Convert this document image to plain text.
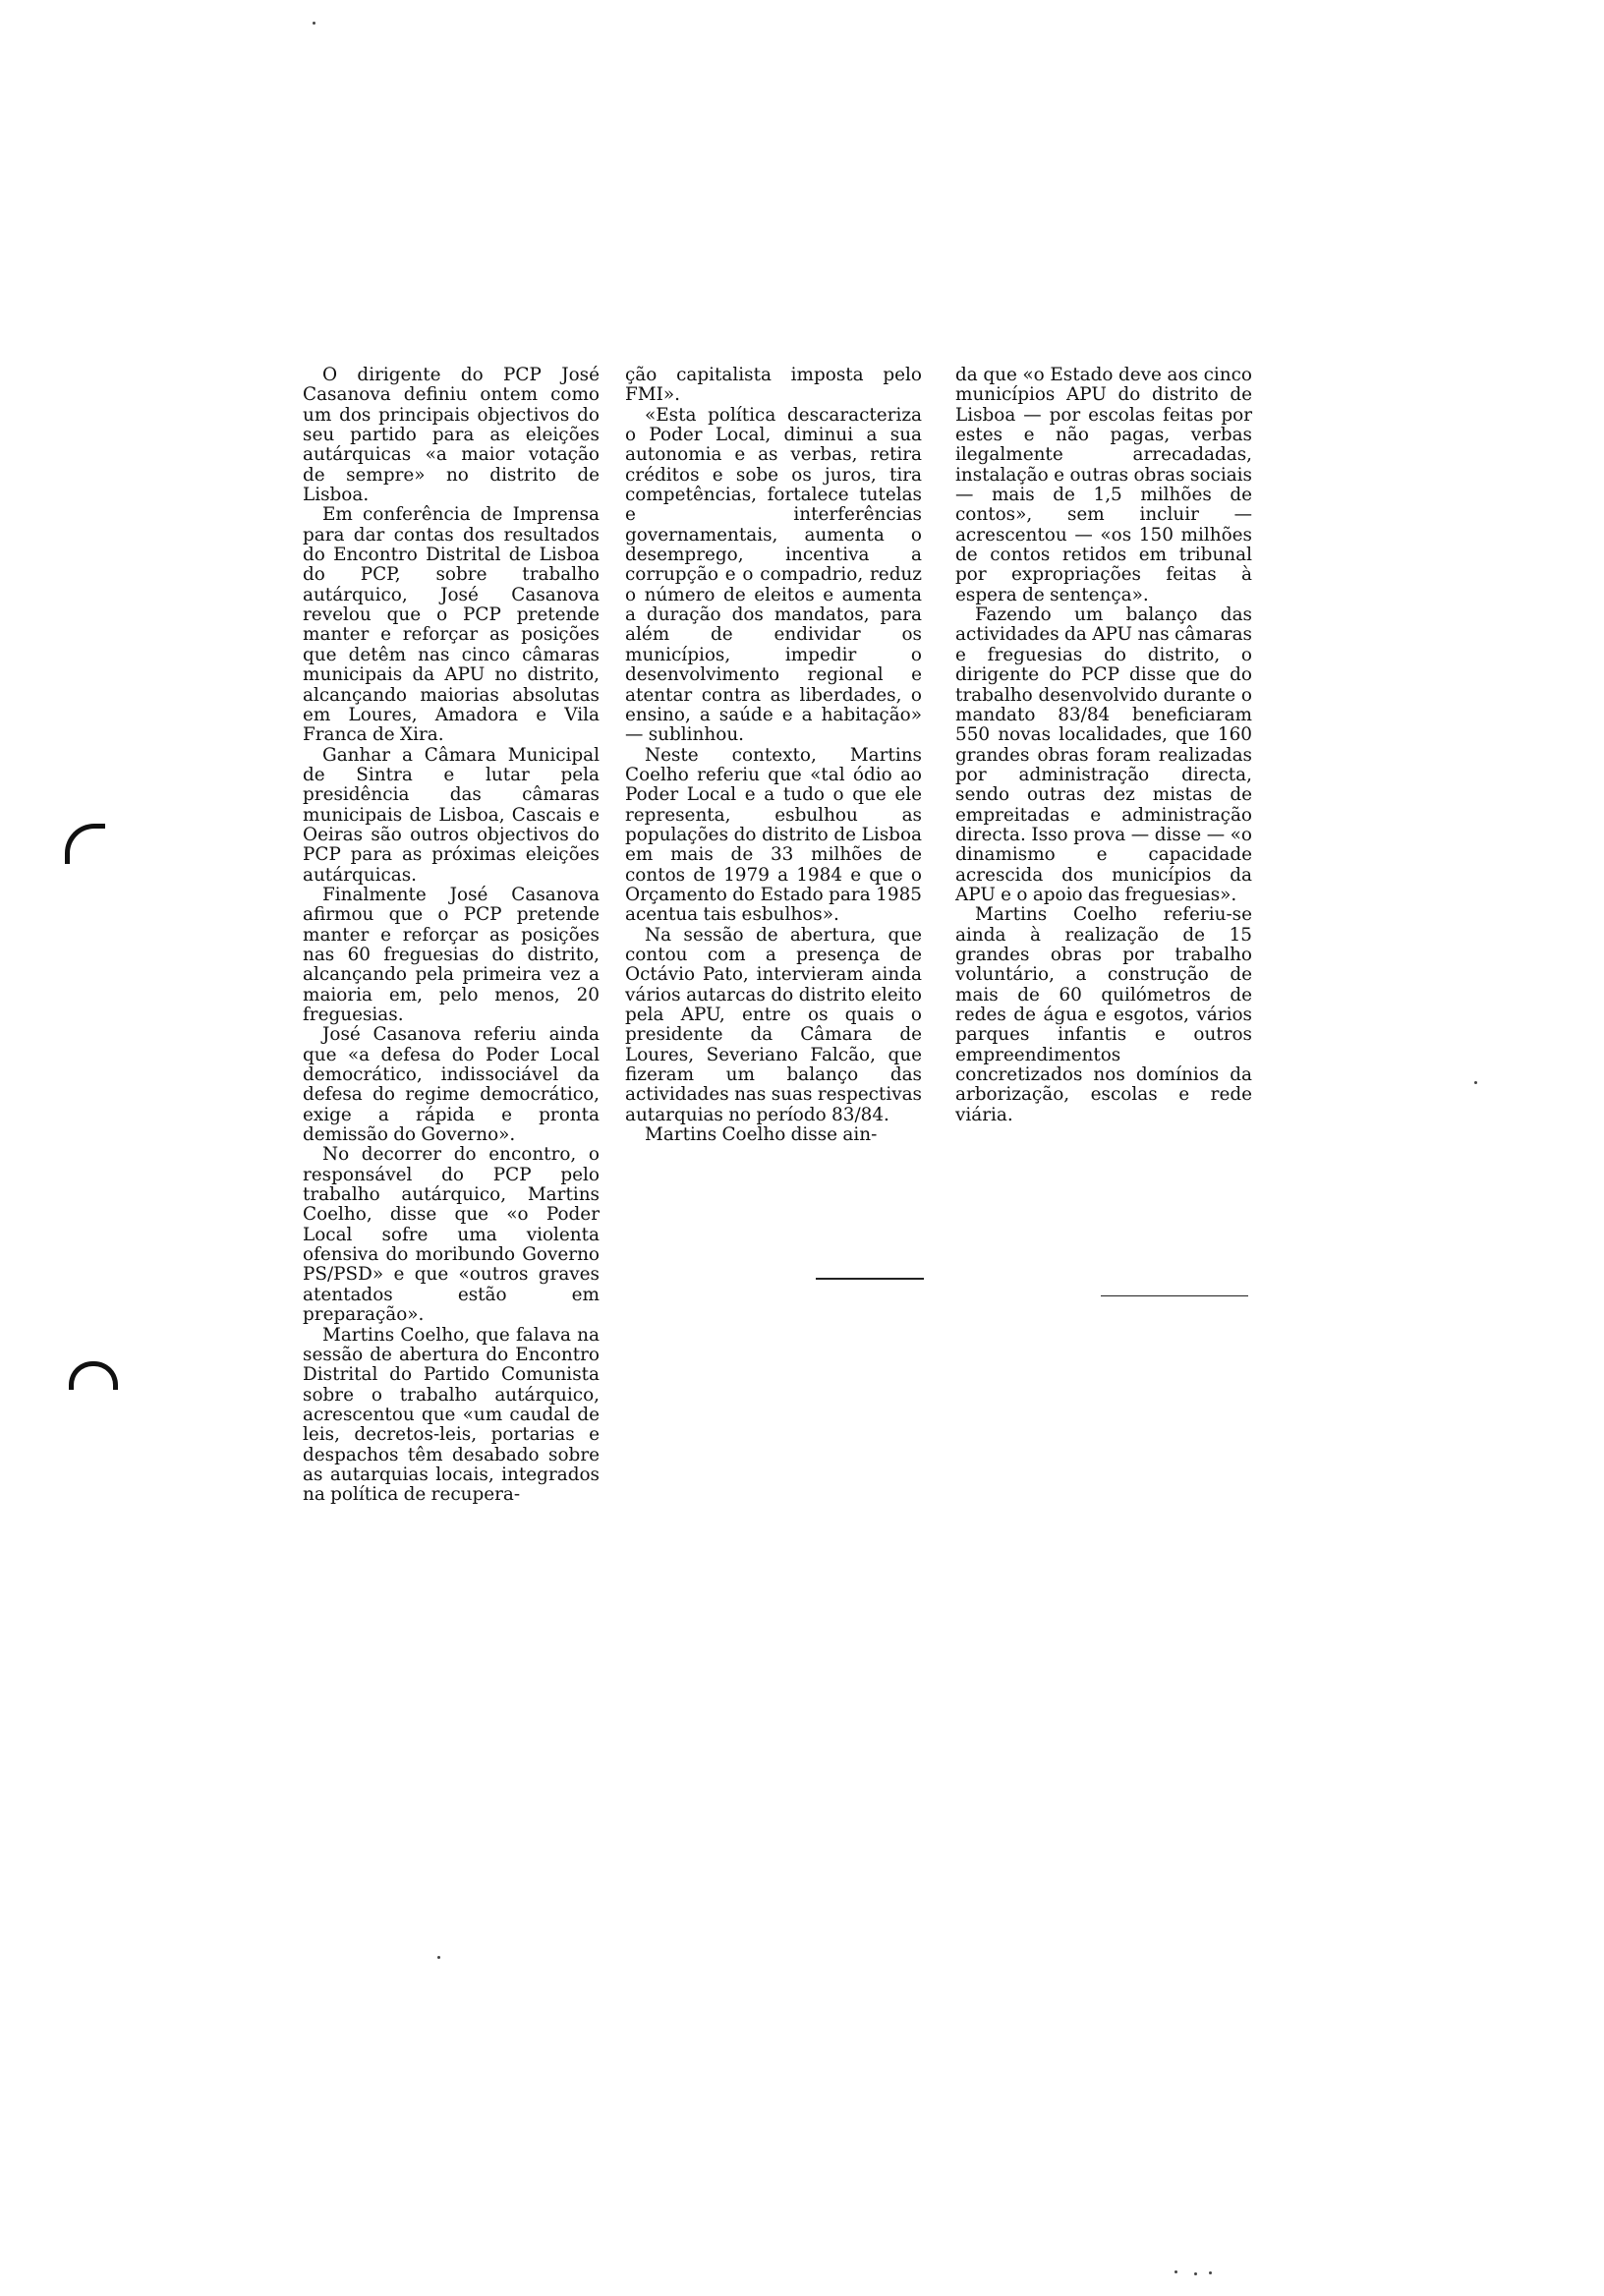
O dirigente do PCP José Casanova definiu ontem como um dos principais objectivos do seu partido para as eleições autárquicas «a maior votação de sempre» no distrito de Lisboa.

Em conferência de Imprensa para dar contas dos resultados do Encontro Distrital de Lisboa do PCP, sobre trabalho autárquico, José Casanova revelou que o PCP pretende manter e reforçar as posições que detêm nas cinco câmaras municipais da APU no distrito, alcançando maiorias absolutas em Loures, Amadora e Vila Franca de Xira.

Ganhar a Câmara Municipal de Sintra e lutar pela presidência das câmaras municipais de Lisboa, Cascais e Oeiras são outros objectivos do PCP para as próximas eleições autárquicas.

Finalmente José Casanova afirmou que o PCP pretende manter e reforçar as posições nas 60 freguesias do distrito, alcançando pela primeira vez a maioria em, pelo menos, 20 freguesias.

José Casanova referiu ainda que «a defesa do Poder Local democrático, indissociável da defesa do regime democrático, exige a rápida e pronta demissão do Governo».

No decorrer do encontro, o responsável do PCP pelo trabalho autárquico, Martins Coelho, disse que «o Poder Local sofre uma violenta ofensiva do moribundo Governo PS/PSD» e que «outros graves atentados estão em preparação».

Martins Coelho, que falava na sessão de abertura do Encontro Distrital do Partido Comunista sobre o trabalho autárquico, acrescentou que «um caudal de leis, decretos-leis, portarias e despachos têm desabado sobre as autarquias locais, integrados na política de recupera-

ção capitalista imposta pelo FMI».

«Esta política descaracteriza o Poder Local, diminui a sua autonomia e as verbas, retira créditos e sobe os juros, tira competências, fortalece tutelas e interferências governamentais, aumenta o desemprego, incentiva a corrupção e o compadrio, reduz o número de eleitos e aumenta a duração dos mandatos, para além de endividar os municípios, impedir o desenvolvimento regional e atentar contra as liberdades, o ensino, a saúde e a habitação» — sublinhou.

Neste contexto, Martins Coelho referiu que «tal ódio ao Poder Local e a tudo o que ele representa, esbulhou as populações do distrito de Lisboa em mais de 33 milhões de contos de 1979 a 1984 e que o Orçamento do Estado para 1985 acentua tais esbulhos».

Na sessão de abertura, que contou com a presença de Octávio Pato, intervieram ainda vários autarcas do distrito eleito pela APU, entre os quais o presidente da Câmara de Loures, Severiano Falcão, que fizeram um balanço das actividades nas suas respectivas autarquias no período 83/84.

Martins Coelho disse ain-

da que «o Estado deve aos cinco municípios APU do distrito de Lisboa — por escolas feitas por estes e não pagas, verbas ilegalmente arrecadadas, instalação e outras obras sociais — mais de 1,5 milhões de contos», sem incluir — acrescentou — «os 150 milhões de contos retidos em tribunal por expropriações feitas à espera de sentença».

Fazendo um balanço das actividades da APU nas câmaras e freguesias do distrito, o dirigente do PCP disse que do trabalho desenvolvido durante o mandato 83/84 beneficiaram 550 novas localidades, que 160 grandes obras foram realizadas por administração directa, sendo outras dez mistas de empreitadas e administração directa. Isso prova — disse — «o dinamismo e capacidade acrescida dos municípios da APU e o apoio das freguesias».

Martins Coelho referiu-se ainda à realização de 15 grandes obras por trabalho voluntário, a construção de mais de 60 quilómetros de redes de água e esgotos, vários parques infantis e outros empreendimentos concretizados nos domínios da arborização, escolas e rede viária.
